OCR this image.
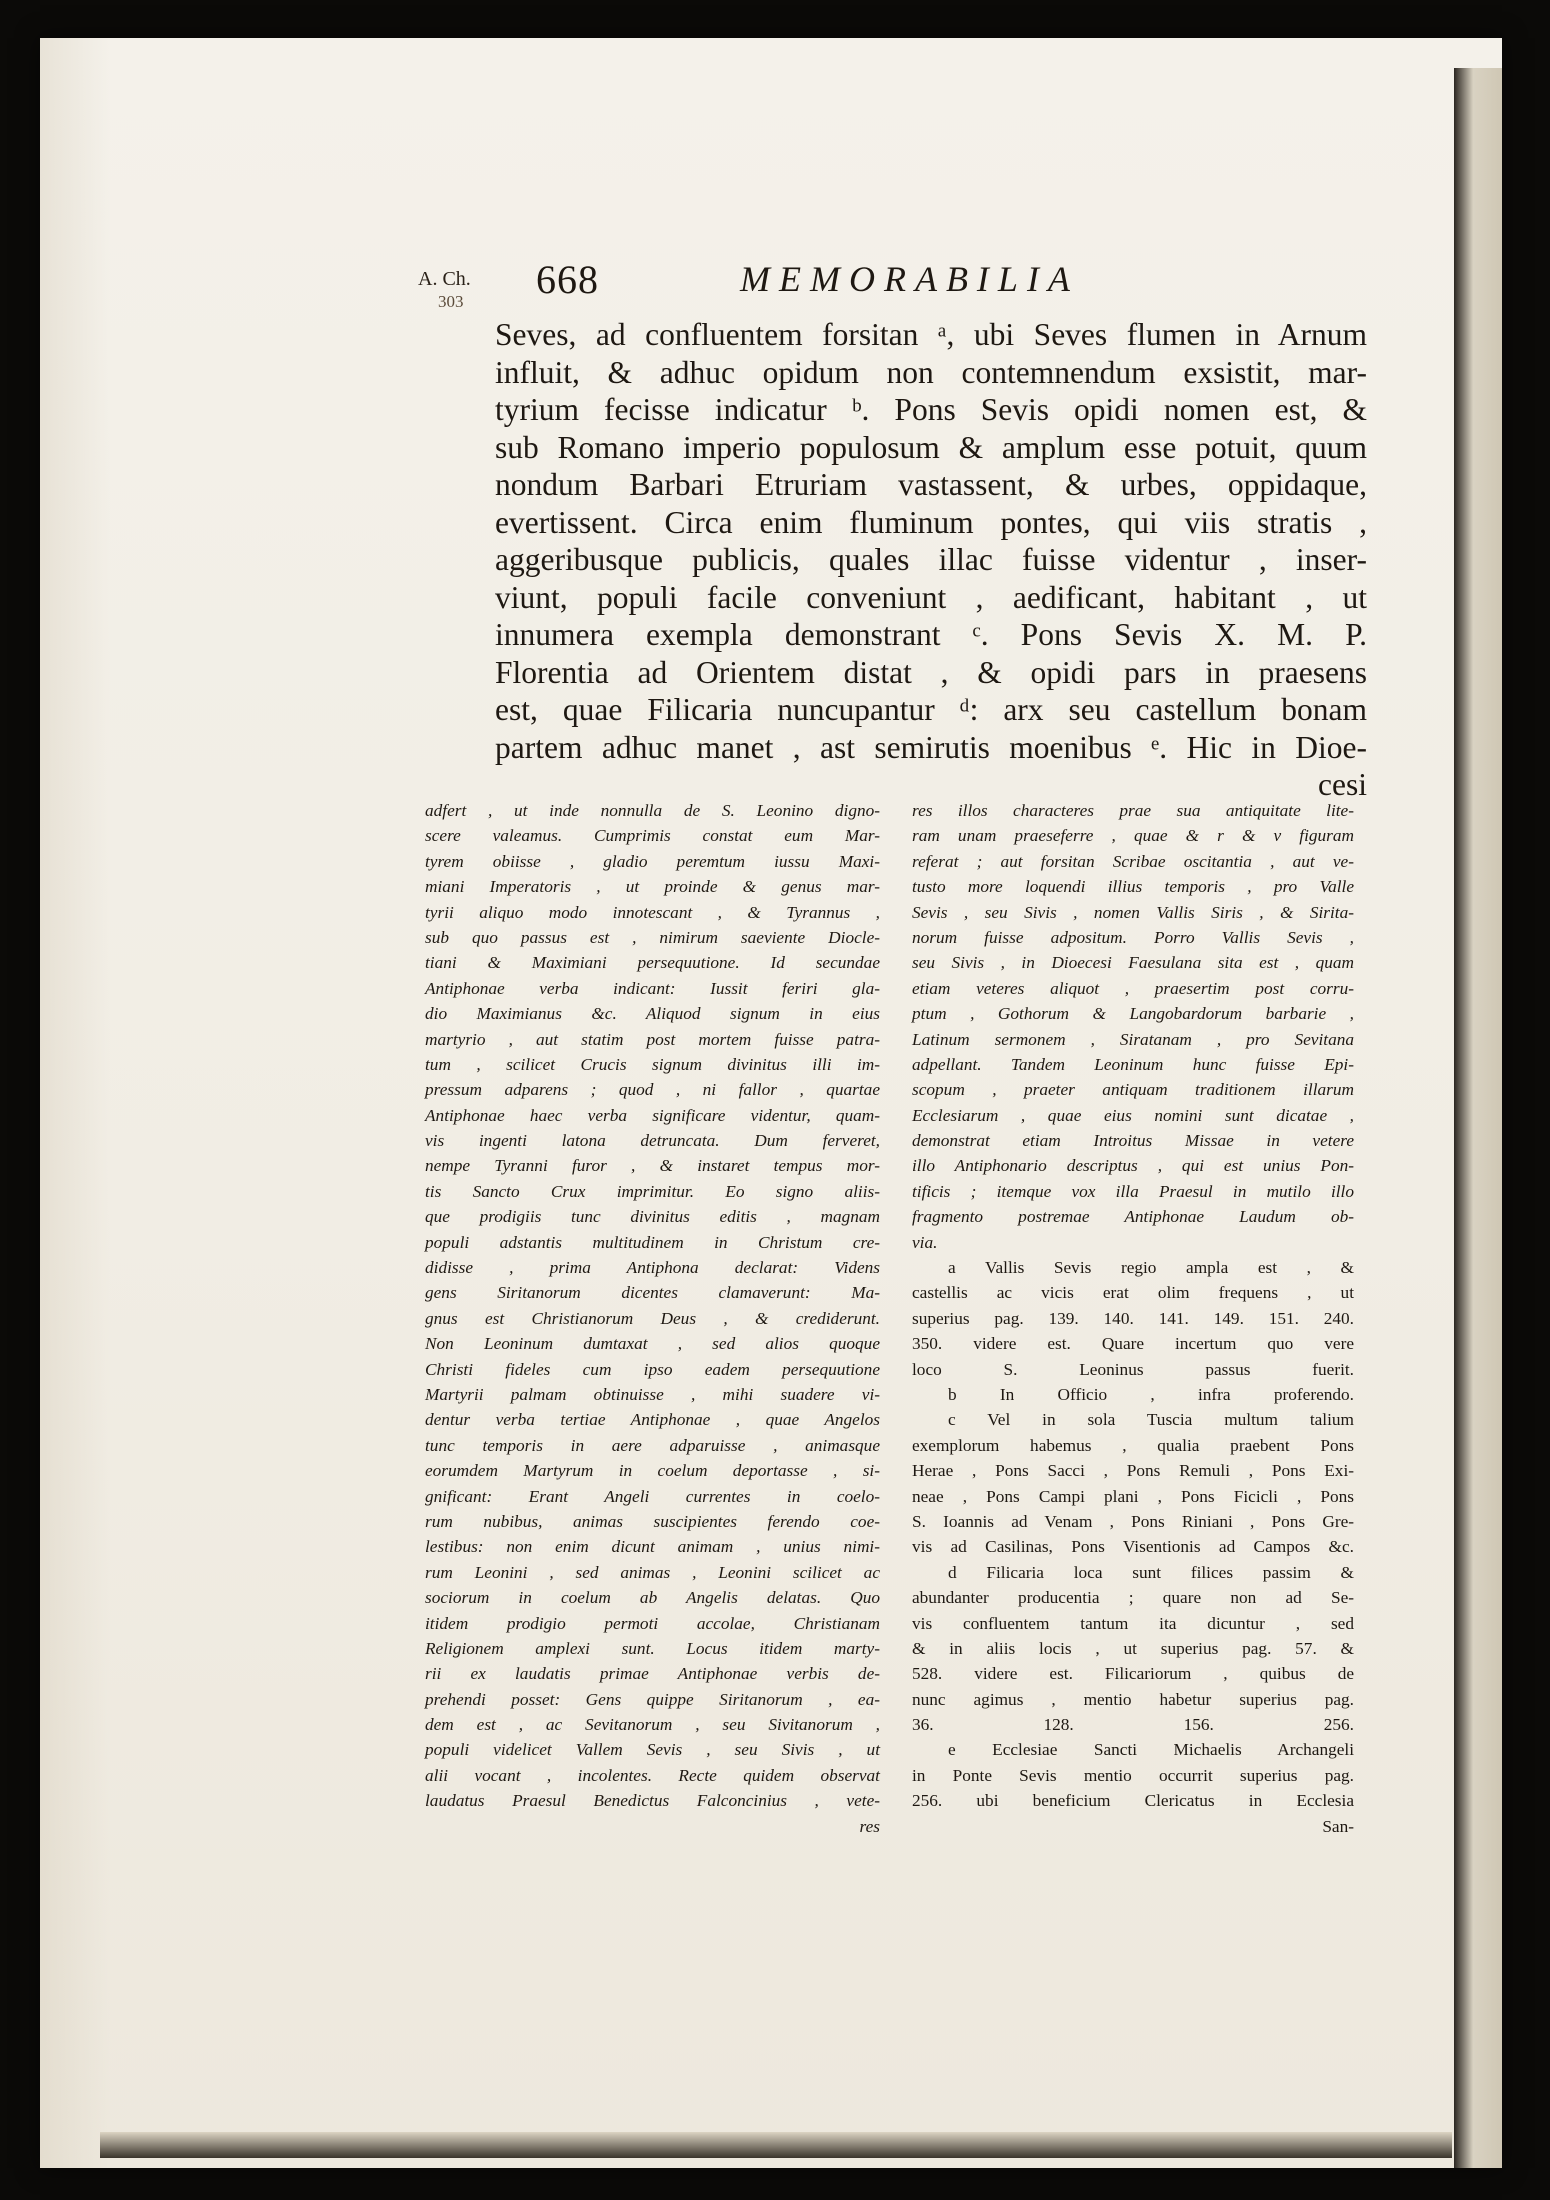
A. Ch.
303 668	MEMORABILIA
Seves, ad confluentem forsitan ᵃ, ubi Seves flumen in Arnum
influit, & adhuc opidum non contemnendum exsistit, mar-
tyrium fecisse indicatur ᵇ. Pons Sevis opidi nomen est, &
sub Romano imperio populosum & amplum esse potuit, quum
nondum Barbari Etruriam vastassent, & urbes, oppidaque,
evertissent. Circa enim fluminum pontes, qui viis stratis ,
aggeribusque publicis, quales illac fuisse videntur , inser-
viunt, populi facile conveniunt , aedificant, habitant , ut
innumera exempla demonstrant ᶜ. Pons Sevis X. M. P.
Florentia ad Orientem distat , & opidi pars in praesens
est, quae Filicaria nuncupantur ᵈ: arx seu castellum bonam
partem adhuc manet , ast semirutis moenibus ᵉ. Hic in Dioe-
cesi
adfert , ut inde nonnulla de S. Leonino digno-
scere valeamus. Cumprimis constat eum Mar-
tyrem obiisse , gladio peremtum iussu Maxi-
miani Imperatoris , ut proinde & genus mar-
tyrii aliquo modo innotescant , & Tyrannus ,
sub quo passus est , nimirum saeviente Diocle-
tiani & Maximiani persequutione. Id secundae
Antiphonae verba indicant: Iussit feriri gla-
dio Maximianus &c. Aliquod signum in eius
martyrio , aut statim post mortem fuisse patra-
tum , scilicet Crucis signum divinitus illi im-
pressum adparens ; quod , ni fallor , quartae
Antiphonae haec verba significare videntur, quam-
vis ingenti latona detruncata. Dum ferveret,
nempe Tyranni furor , & instaret tempus mor-
tis Sancto Crux imprimitur. Eo signo aliis-
que prodigiis tunc divinitus editis , magnam
populi adstantis multitudinem in Christum cre-
didisse , prima Antiphona declarat: Videns
gens Siritanorum dicentes clamaverunt: Ma-
gnus est Christianorum Deus , & crediderunt.
Non Leoninum dumtaxat , sed alios quoque
Christi fideles cum ipso eadem persequutione
Martyrii palmam obtinuisse , mihi suadere vi-
dentur verba tertiae Antiphonae , quae Angelos
tunc temporis in aere adparuisse , animasque
eorumdem Martyrum in coelum deportasse , si-
gnificant: Erant Angeli currentes in coelo-
rum nubibus, animas suscipientes ferendo coe-
lestibus: non enim dicunt animam , unius nimi-
rum Leonini , sed animas , Leonini scilicet ac
sociorum in coelum ab Angelis delatas. Quo
itidem prodigio permoti accolae, Christianam
Religionem amplexi sunt. Locus itidem marty-
rii ex laudatis primae Antiphonae verbis de-
prehendi posset: Gens quippe Siritanorum , ea-
dem est , ac Sevitanorum , seu Sivitanorum ,
populi videlicet Vallem Sevis , seu Sivis , ut
alii vocant , incolentes. Recte quidem observat
laudatus Praesul Benedictus Falconcinius , vete-
res
res illos characteres prae sua antiquitate lite-
ram unam praeseferre , quae & r & v figuram
referat ; aut forsitan Scribae oscitantia , aut ve-
tusto more loquendi illius temporis , pro Valle
Sevis , seu Sivis , nomen Vallis Siris , & Sirita-
norum fuisse adpositum. Porro Vallis Sevis ,
seu Sivis , in Dioecesi Faesulana sita est , quam
etiam veteres aliquot , praesertim post corru-
ptum , Gothorum & Langobardorum barbarie ,
Latinum sermonem , Siratanam , pro Sevitana
adpellant. Tandem Leoninum hunc fuisse Epi-
scopum , praeter antiquam traditionem illarum
Ecclesiarum , quae eius nomini sunt dicatae ,
demonstrat etiam Introitus Missae in vetere
illo Antiphonario descriptus , qui est unius Pon-
tificis ; itemque vox illa Praesul in mutilo illo
fragmento postremae Antiphonae Laudum ob-
via.
a Vallis Sevis regio ampla est , &
castellis ac vicis erat olim frequens , ut
superius pag. 139. 140. 141. 149. 151. 240.
350. videre est. Quare incertum quo vere
loco S. Leoninus passus fuerit.
b In Officio , infra proferendo.
c Vel in sola Tuscia multum talium
exemplorum habemus , qualia praebent Pons
Herae , Pons Sacci , Pons Remuli , Pons Exi-
neae , Pons Campi plani , Pons Ficicli , Pons
S. Ioannis ad Venam , Pons Riniani , Pons Gre-
vis ad Casilinas, Pons Visentionis ad Campos &c.
d Filicaria loca sunt filices passim &
abundanter producentia ; quare non ad Se-
vis confluentem tantum ita dicuntur , sed
& in aliis locis , ut superius pag. 57. &
528. videre est. Filicariorum , quibus de
nunc agimus , mentio habetur superius pag.
36. 128. 156. 256.
e Ecclesiae Sancti Michaelis Archangeli
in Ponte Sevis mentio occurrit superius pag.
256. ubi beneficium Clericatus in Ecclesia
San-
